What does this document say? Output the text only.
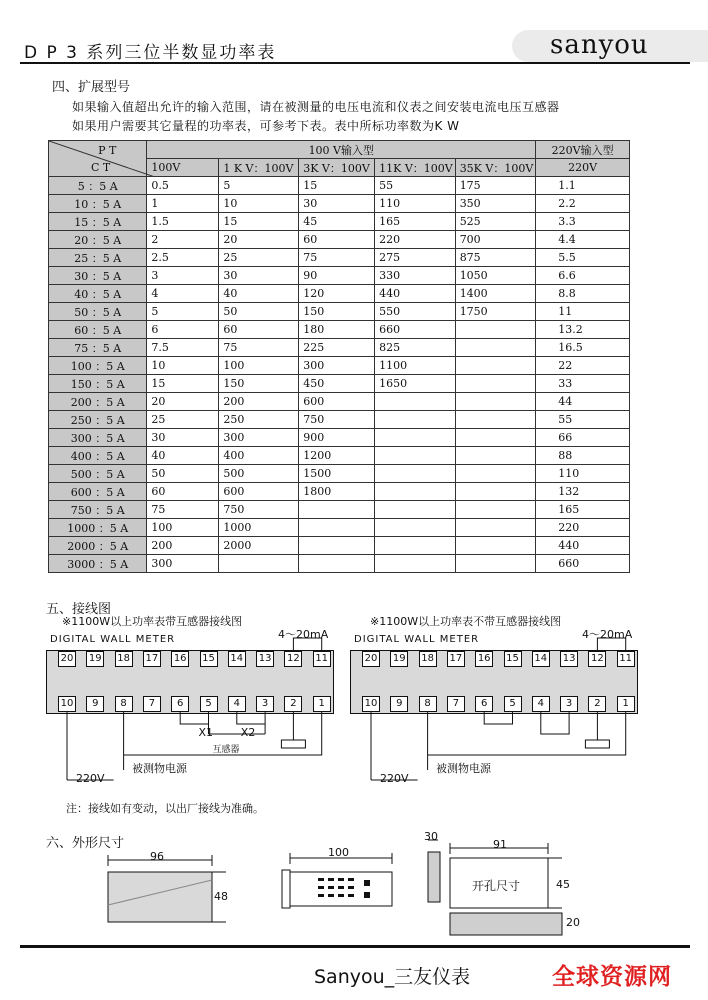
D P 3 系列三位半数显功率表	sanyou
四、扩展型号
如果输入值超出允许的输入范围，请在被测量的电压电流和仪表之间安装电流电压互感器
如果用户需要其它量程的功率表，可参考下表。表中所标功率数为K W
P T
C T	100 V输入型					220V输入型
	100V	1 K V：100V	3K V：100V	11K V：100V	35K V：100V	220V
5 ：5 A	0.5	5	15	55	175	1.1
10 ：5 A	1	10	30	110	350	2.2
15 ：5 A	1.5	15	45	165	525	3.3
20 ：5 A	2	20	60	220	700	4.4
25 ：5 A	2.5	25	75	275	875	5.5
30 ：5 A	3	30	90	330	1050	6.6
40 ：5 A	4	40	120	440	1400	8.8
50 ：5 A	5	50	150	550	1750	11
60 ：5 A	6	60	180	660		13.2
75 ：5 A	7.5	75	225	825		16.5
100 ：5 A	10	100	300	1100		22
150 ：5 A	15	150	450	1650		33
200 ：5 A	20	200	600			44
250 ：5 A	25	250	750			55
300 ：5 A	30	300	900			66
400 ：5 A	40	400	1200			88
500 ：5 A	50	500	1500			110
600 ：5 A	60	600	1800			132
750 ：5 A	75	750				165
1000 ：5 A	100	1000				220
2000 ：5 A	200	2000				440
3000 ：5 A	300					660
五、接线图
※1100W以上功率表带互感器接线图	※1100W以上功率表不带互感器接线图
DIGITAL WALL METER	4～20mA
20
10
19
9
18
8
17
7
16
6
15
5
14
4
13
3
12
2
11
1
被测物电源
220V
X1	X2
互感器
DIGITAL WALL METER	4～20mA
20
10
19
9
18
8
17
7
16
6
15
5
14
4
13
3
12
2
11
1
被测物电源
220V
注：接线如有变动，以出厂接线为准确。
六、外形尺寸
96
48
100
30
91
45
20
开孔尺寸
Sanyou_三友仪表	全球资源网
